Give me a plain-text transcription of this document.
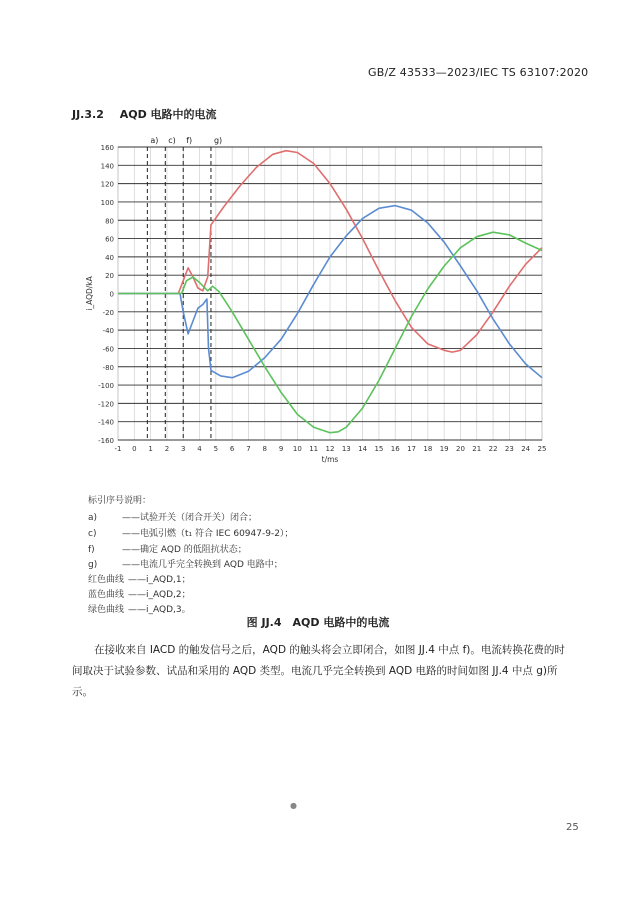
GB/Z 43533—2023/IEC TS 63107:2020
JJ.3.2 AQD 电路中的电流
a) c) f)	g)
160
140
120
100
80
60
40
20
0
-20
-40
-60
-80
-100
-120
-140
-160
-1 0 1 2 3 4 5 6 7 8 9 10 11 12 13 14 15 16 17 18 19 20 21 22 23 24 25
t/ms
i_AQD/kA
标引序号说明：
a)	——试验开关（闭合开关）闭合；
c)	——电弧引燃（t₁ 符合 IEC 60947-9-2）；
f)	——确定 AQD 的低阻抗状态；
g)	——电流几乎完全转换到 AQD 电路中；
红色曲线 ——i_AQD,1；
蓝色曲线 ——i_AQD,2；
绿色曲线 ——i_AQD,3。
图 JJ.4　AQD 电路中的电流
在接收来自 IACD 的触发信号之后，AQD 的触头将会立即闭合，如图 JJ.4 中点 f)。电流转换花费的时间取决于试验参数、试品和采用的 AQD 类型。电流几乎完全转换到 AQD 电路的时间如图 JJ.4 中点 g)所示。
●
25
